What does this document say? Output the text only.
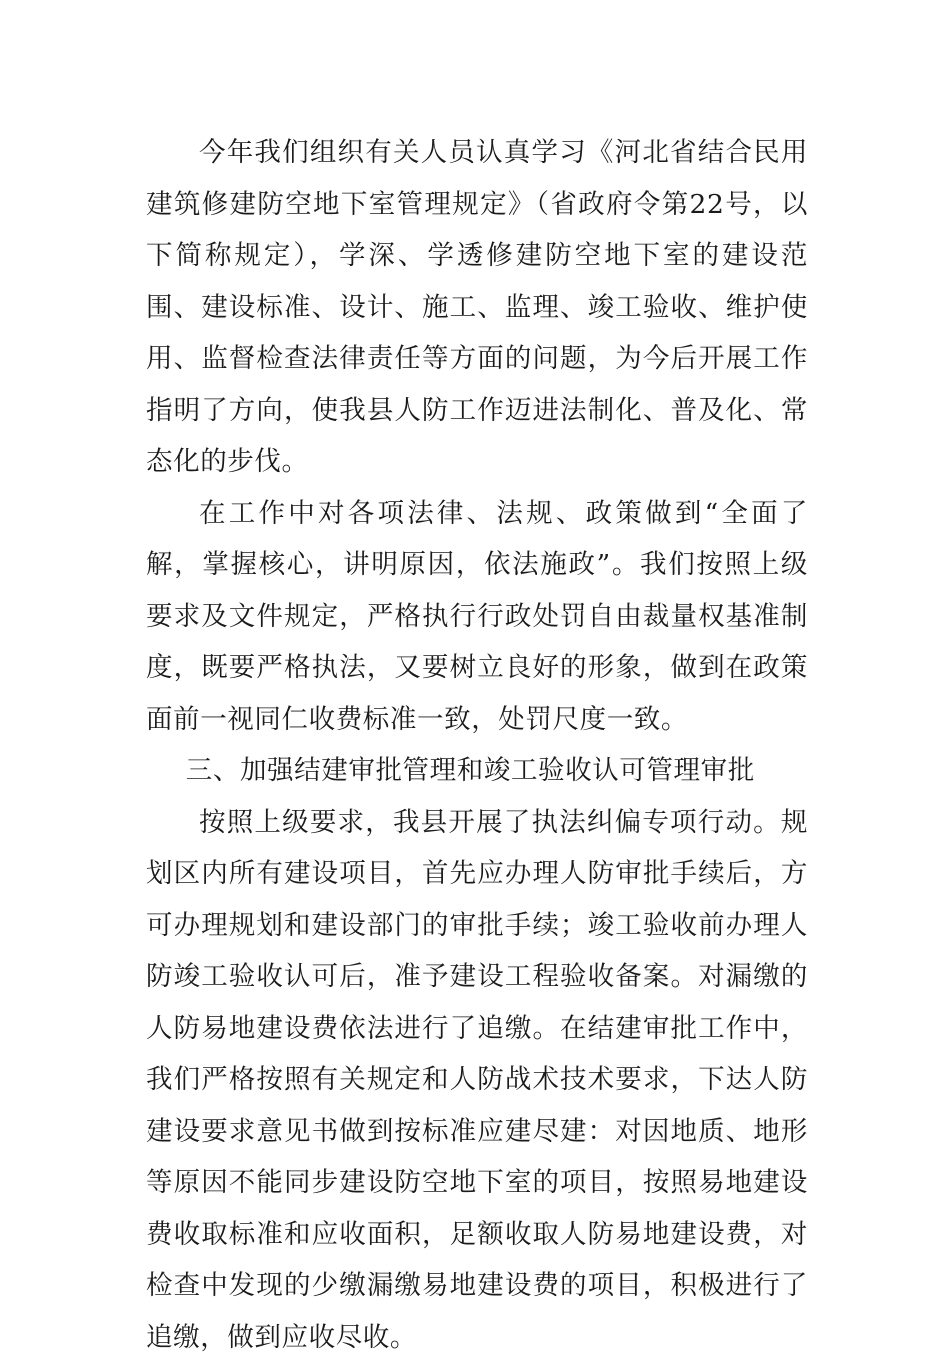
今年我们组织有关人员认真学习《河北省结合民用建筑修建防空地下室管理规定》（省政府令第22号，以下简称规定），学深、学透修建防空地下室的建设范围、建设标准、设计、施工、监理、竣工验收、维护使用、监督检查法律责任等方面的问题，为今后开展工作指明了方向，使我县人防工作迈进法制化、普及化、常态化的步伐。

在工作中对各项法律、法规、政策做到“全面了解，掌握核心，讲明原因，依法施政”。我们按照上级要求及文件规定，严格执行行政处罚自由裁量权基准制度，既要严格执法，又要树立良好的形象，做到在政策面前一视同仁收费标准一致，处罚尺度一致。

三、加强结建审批管理和竣工验收认可管理审批

按照上级要求，我县开展了执法纠偏专项行动。规划区内所有建设项目，首先应办理人防审批手续后，方可办理规划和建设部门的审批手续；竣工验收前办理人防竣工验收认可后，准予建设工程验收备案。对漏缴的人防易地建设费依法进行了追缴。在结建审批工作中，我们严格按照有关规定和人防战术技术要求，下达人防建设要求意见书做到按标准应建尽建：对因地质、地形等原因不能同步建设防空地下室的项目，按照易地建设费收取标准和应收面积，足额收取人防易地建设费，对检查中发现的少缴漏缴易地建设费的项目，积极进行了追缴，做到应收尽收。
